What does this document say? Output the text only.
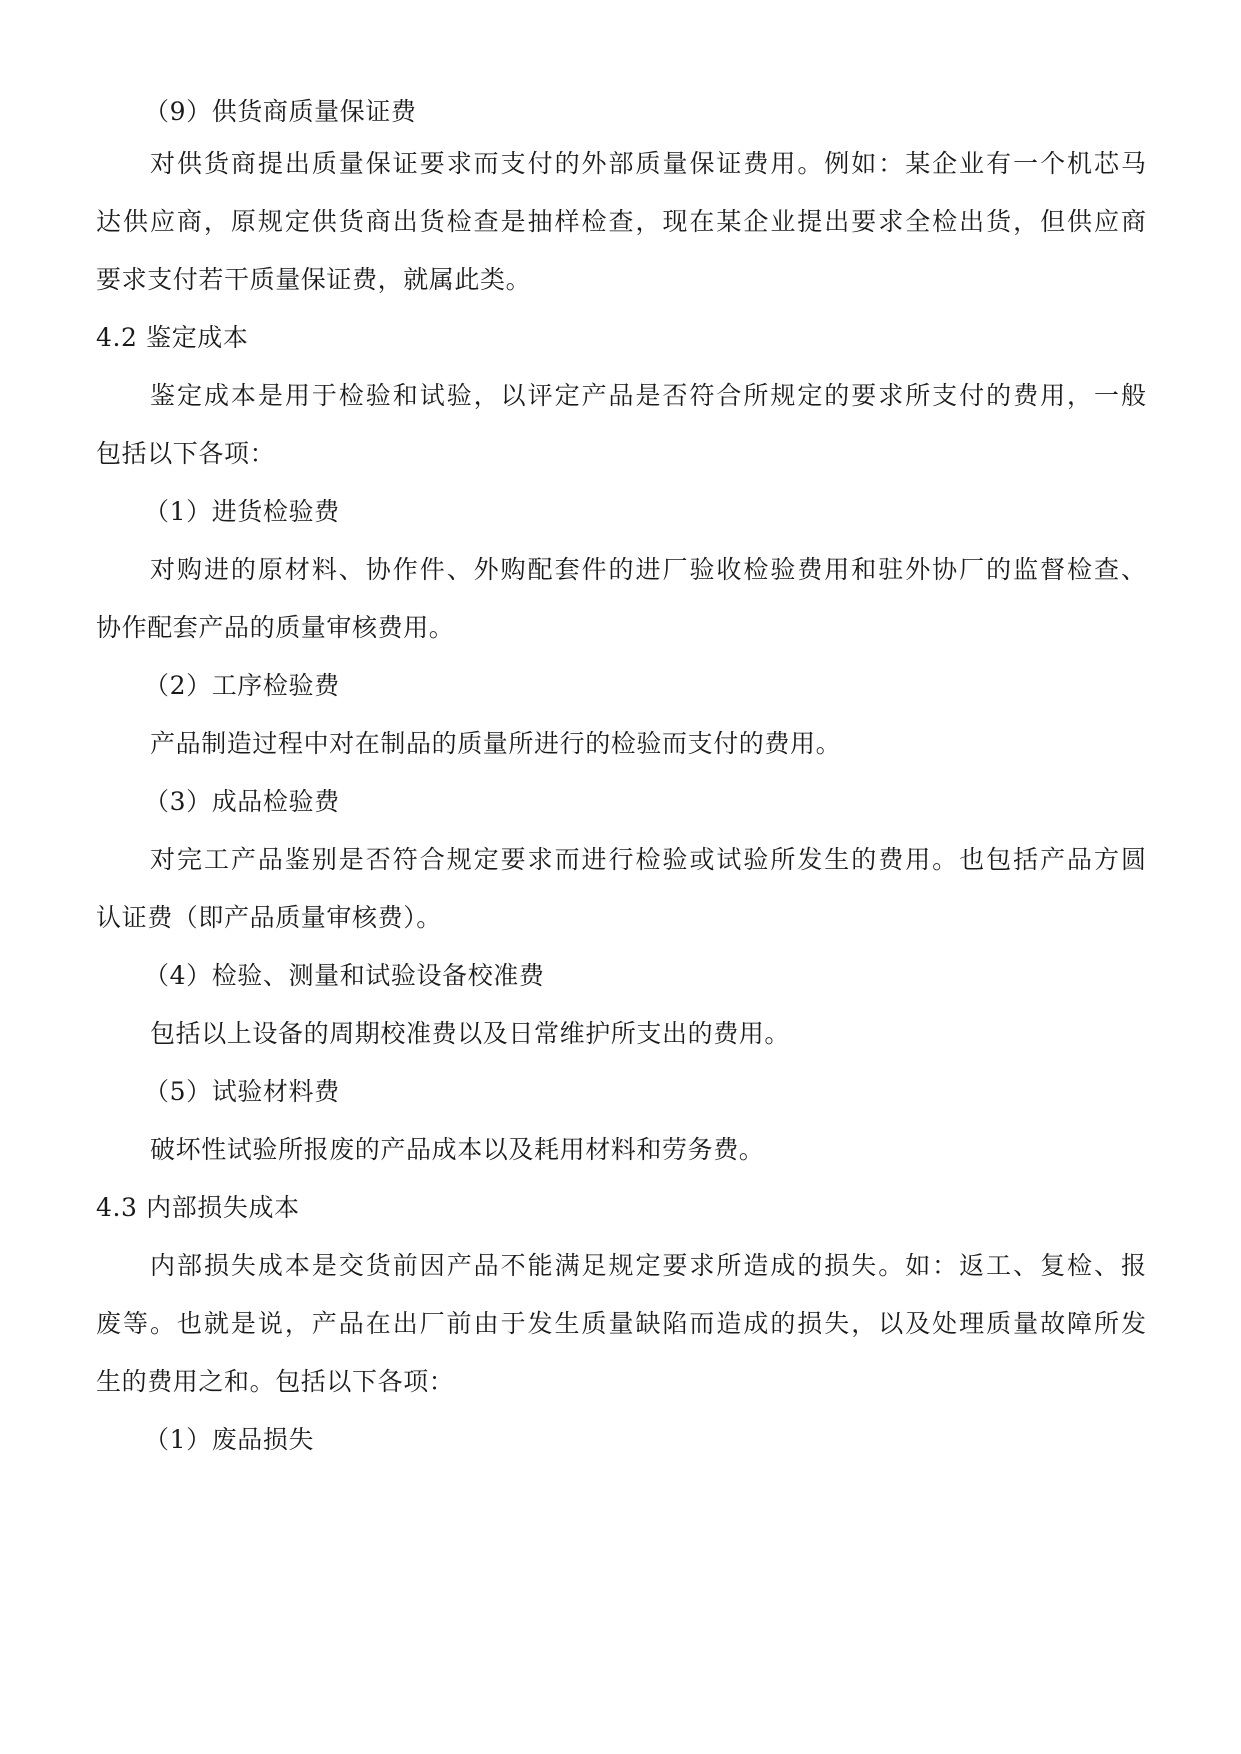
（9）供货商质量保证费
对供货商提出质量保证要求而支付的外部质量保证费用。例如：某企业有一个机芯马
达供应商，原规定供货商出货检查是抽样检查，现在某企业提出要求全检出货，但供应商
要求支付若干质量保证费，就属此类。
4.2 鉴定成本
鉴定成本是用于检验和试验，以评定产品是否符合所规定的要求所支付的费用，一般
包括以下各项：
（1）进货检验费
对购进的原材料、协作件、外购配套件的进厂验收检验费用和驻外协厂的监督检查、
协作配套产品的质量审核费用。
（2）工序检验费
产品制造过程中对在制品的质量所进行的检验而支付的费用。
（3）成品检验费
对完工产品鉴别是否符合规定要求而进行检验或试验所发生的费用。也包括产品方圆
认证费（即产品质量审核费）。
（4）检验、测量和试验设备校准费
包括以上设备的周期校准费以及日常维护所支出的费用。
（5）试验材料费
破坏性试验所报废的产品成本以及耗用材料和劳务费。
4.3 内部损失成本
内部损失成本是交货前因产品不能满足规定要求所造成的损失。如：返工、复检、报
废等。也就是说，产品在出厂前由于发生质量缺陷而造成的损失，以及处理质量故障所发
生的费用之和。包括以下各项：
（1）废品损失
